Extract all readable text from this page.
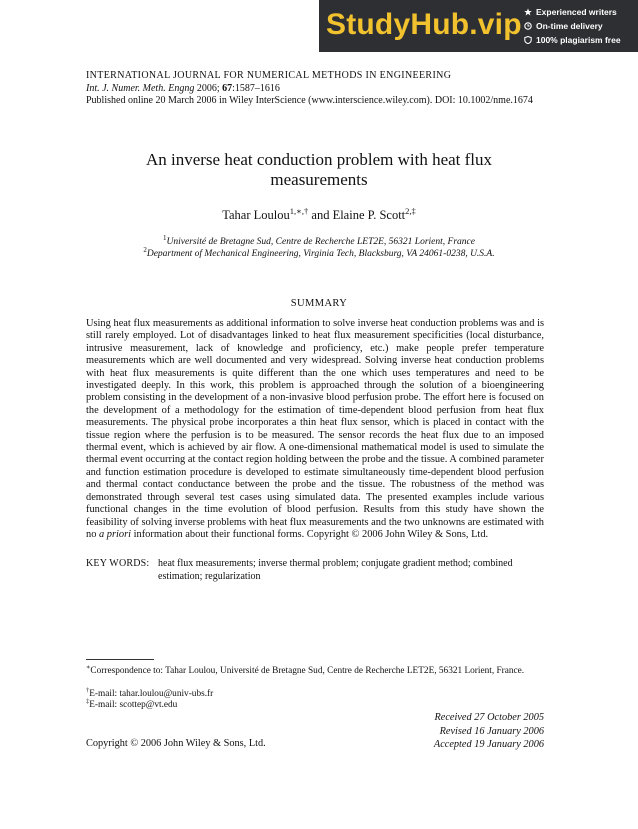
StudyHub.vip Experienced writers
On-time delivery
100% plagiarism free
INTERNATIONAL JOURNAL FOR NUMERICAL METHODS IN ENGINEERING
Int. J. Numer. Meth. Engng 2006; 67:1587–1616
Published online 20 March 2006 in Wiley InterScience (www.interscience.wiley.com). DOI: 10.1002/nme.1674
An inverse heat conduction problem with heat flux
measurements
Tahar Loulou$^{1,∗,\dagger}$ and Elaine P. Scott$^{2,\ddagger}$
$^1$Université de Bretagne Sud, Centre de Recherche LET2E, 56321 Lorient, France
$^2$Department of Mechanical Engineering, Virginia Tech, Blacksburg, VA 24061-0238, U.S.A.
SUMMARY
Using heat flux measurements as additional information to solve inverse heat conduction problems was and is still rarely employed. Lot of disadvantages linked to heat flux measurement specificities (local disturbance, intrusive measurement, lack of knowledge and proficiency, etc.) make people prefer temperature measurements which are well documented and very widespread. Solving inverse heat conduction problems with heat flux measurements is quite different than the one which uses temperatures and need to be investigated deeply. In this work, this problem is approached through the solution of a bioengineering problem consisting in the development of a non-invasive blood perfusion probe. The effort here is focused on the development of a methodology for the estimation of time-dependent blood perfusion from heat flux measurements. The physical probe incorporates a thin heat flux sensor, which is placed in contact with the tissue region where the perfusion is to be measured. The sensor records the heat flux due to an imposed thermal event, which is achieved by air flow. A one-dimensional mathematical model is used to simulate the thermal event occurring at the contact region holding between the probe and the tissue. A combined parameter and function estimation procedure is developed to estimate simultaneously time-dependent blood perfusion and thermal contact conductance between the probe and the tissue. The robustness of the method was demonstrated through several test cases using simulated data. The presented examples include various functional changes in the time evolution of blood perfusion. Results from this study have shown the feasibility of solving inverse problems with heat flux measurements and the two unknowns are estimated with no a priori information about their functional forms. Copyright © 2006 John Wiley & Sons, Ltd.
KEY WORDS: heat flux measurements; inverse thermal problem; conjugate gradient method; combined estimation; regularization
∗Correspondence to: Tahar Loulou, Université de Bretagne Sud, Centre de Recherche LET2E, 56321 Lorient, France.
†E-mail: tahar.loulou@univ-ubs.fr
‡E-mail: scottep@vt.edu
Received 27 October 2005
Revised 16 January 2006
Accepted 19 January 2006
Copyright © 2006 John Wiley & Sons, Ltd.
